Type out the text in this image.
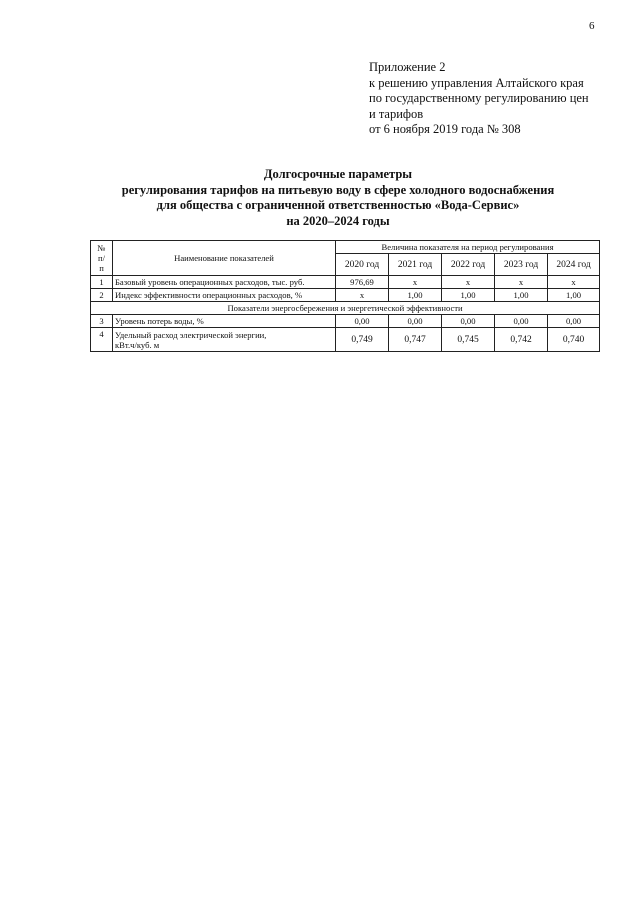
6
Приложение 2
к решению управления Алтайского края
по государственному регулированию цен
и тарифов
от 6 ноября 2019 года № 308
Долгосрочные параметры
регулирования тарифов на питьевую воду в сфере холодного водоснабжения
для общества с ограниченной ответственностью «Вода-Сервис»
на 2020–2024 годы
№
п/
п	Наименование показателей	Величина показателя на период регулирования				
		2020 год	2021 год	2022 год	2023 год	2024 год
1	Базовый уровень операционных расходов, тыс. руб.	976,69	x	x	x	x
2	Индекс эффективности операционных расходов, %	x	1,00	1,00	1,00	1,00
Показатели энергосбережения и энергетической эффективности						
3	Уровень потерь воды, %	0,00	0,00	0,00	0,00	0,00
4	Удельный расход электрической энергии,
кВт.ч/куб. м	0,749	0,747	0,745	0,742	0,740
